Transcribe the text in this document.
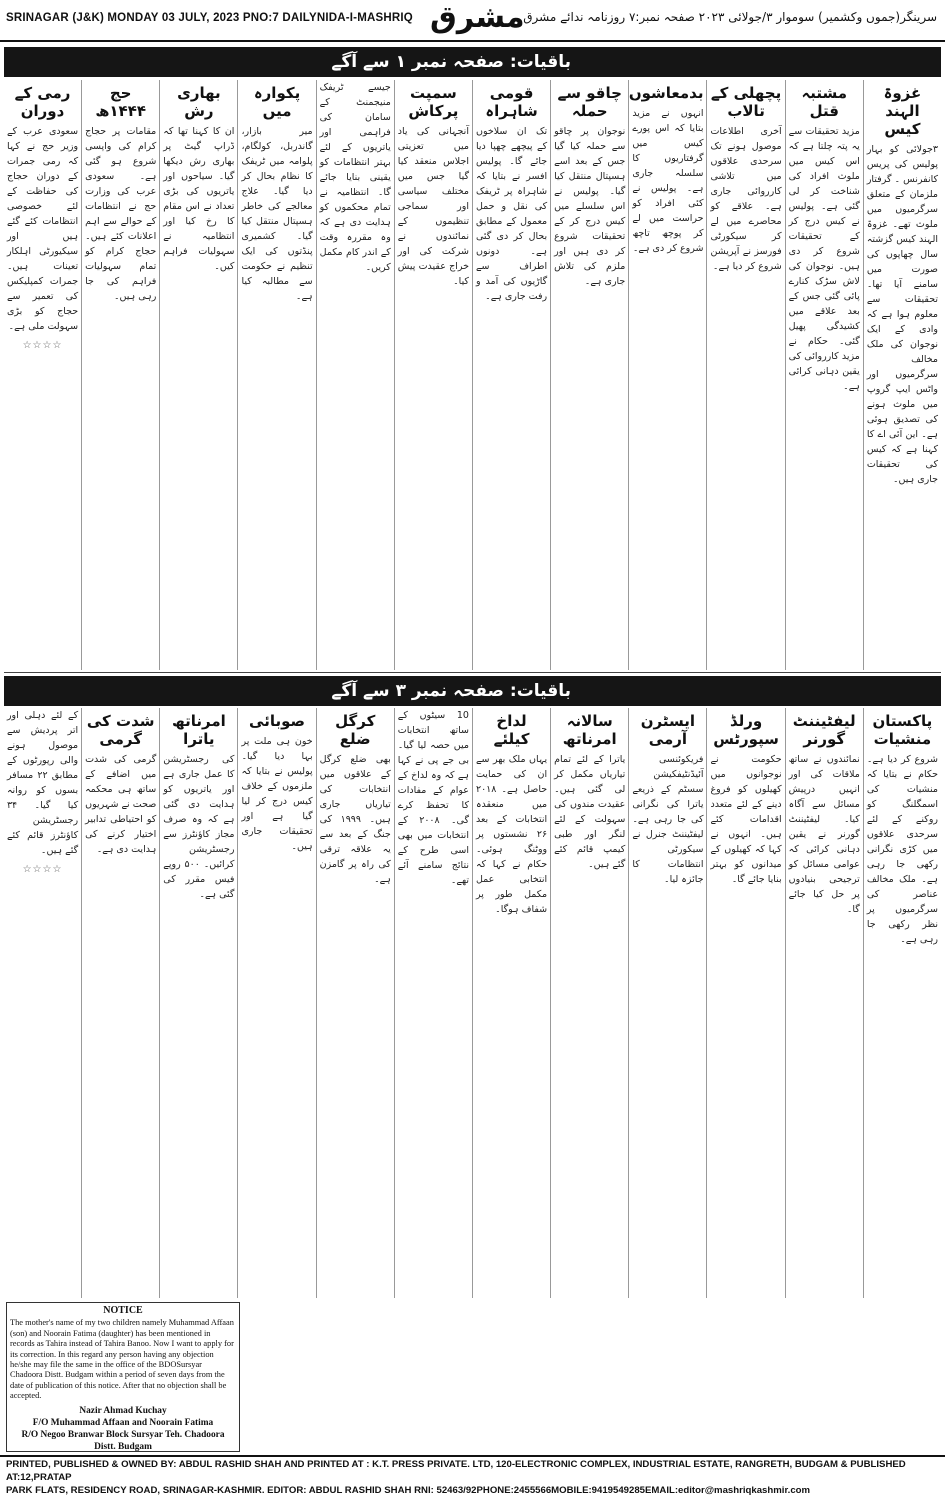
SRINAGAR (J&K) MONDAY 03 JULY, 2023 PNO:7 DAILYNIDA-I-MASHRIQ مشرق
سرینگر(جموں وکشمیر) سوموار ۳/جولائی ۲۰۲۳ صفحہ نمبر:۷ روزنامہ ندائے مشرق
باقیات: صفحہ نمبر ۱ سے آگے
غزوۃ الہند کیس
۳جولائی کو بہار پولیس کی پریس کانفرنس ۔ گرفتار ملزمان کے متعلق سرگرمیوں میں ملوث تھے۔ غزوۃ الہند کیس گزشتہ سال چھاپوں کی صورت میں سامنے آیا تھا۔ تحقیقات سے معلوم ہوا ہے کہ وادی کے ایک نوجوان کی ملک مخالف سرگرمیوں اور واٹس ایپ گروپ میں ملوث ہونے کی تصدیق ہوئی ہے۔ این آئی اے کا کہنا ہے کہ کیس کی تحقیقات جاری ہیں۔
مشتبہ قتل
مزید تحقیقات سے یہ پتہ چلتا ہے کہ اس کیس میں ملوث افراد کی شناخت کر لی گئی ہے۔ پولیس نے کیس درج کر کے تحقیقات شروع کر دی ہیں۔ نوجوان کی لاش سڑک کنارے پائی گئی جس کے بعد علاقے میں کشیدگی پھیل گئی۔ حکام نے مزید کارروائی کی یقین دہانی کرائی ہے۔
پچھلی کے تالاب
آخری اطلاعات موصول ہونے تک سرحدی علاقوں میں تلاشی کارروائی جاری ہے۔ علاقے کو محاصرے میں لے کر سیکورٹی فورسز نے آپریشن شروع کر دیا ہے۔
بدمعاشوں
انہوں نے مزید بتایا کہ اس پورے کیس میں گرفتاریوں کا سلسلہ جاری ہے۔ پولیس نے کئی افراد کو حراست میں لے کر پوچھ تاچھ شروع کر دی ہے۔
چاقو سے حملہ
نوجوان پر چاقو سے حملہ کیا گیا جس کے بعد اسے ہسپتال منتقل کیا گیا۔ پولیس نے اس سلسلے میں کیس درج کر کے تحقیقات شروع کر دی ہیں اور ملزم کی تلاش جاری ہے۔
قومی شاہراہ
تک ان سلاخوں کے پیچھے چھپا دیا جائے گا۔ پولیس افسر نے بتایا کہ شاہراہ پر ٹریفک کی نقل و حمل معمول کے مطابق بحال کر دی گئی ہے۔ دونوں اطراف سے گاڑیوں کی آمد و رفت جاری ہے۔
سمپت پرکاش
آنجہانی کی یاد میں تعزیتی اجلاس منعقد کیا گیا جس میں مختلف سیاسی اور سماجی تنظیموں کے نمائندوں نے شرکت کی اور خراج عقیدت پیش کیا۔
جیسے ٹریفک منیجمنٹ کے سامان کی فراہمی اور یاتریوں کے لئے بہتر انتظامات کو یقینی بنایا جائے گا۔ انتظامیہ نے تمام محکموں کو ہدایت دی ہے کہ وہ مقررہ وقت کے اندر کام مکمل کریں۔
پکوارہ میں
میر بازار، گاندربل، کولگام، پلوامہ میں ٹریفک کا نظام بحال کر دیا گیا۔ علاج معالجے کی خاطر ہسپتال منتقل کیا گیا۔ کشمیری پنڈتوں کی ایک تنظیم نے حکومت سے مطالبہ کیا ہے۔
بھاری رش
ان کا کہنا تھا کہ ڈراپ گیٹ پر بھاری رش دیکھا گیا۔ سیاحوں اور یاتریوں کی بڑی تعداد نے اس مقام کا رخ کیا اور انتظامیہ نے سہولیات فراہم کیں۔
حج ۱۴۴۴ھ
مقامات پر حجاج کرام کی واپسی شروع ہو گئی ہے۔ سعودی عرب کی وزارت حج نے انتظامات کے حوالے سے اہم اعلانات کئے ہیں۔ حجاج کرام کو تمام سہولیات فراہم کی جا رہی ہیں۔
رمی کے دوران
سعودی عرب کے وزیر حج نے کہا کہ رمی جمرات کے دوران حجاج کی حفاظت کے لئے خصوصی انتظامات کئے گئے ہیں اور سیکیورٹی اہلکار تعینات ہیں۔ جمرات کمپلیکس کی تعمیر سے حجاج کو بڑی سہولت ملی ہے۔
☆☆☆☆
باقیات: صفحہ نمبر ۳ سے آگے
پاکستان منشیات
شروع کر دیا ہے۔ حکام نے بتایا کہ منشیات کی اسمگلنگ کو روکنے کے لئے سرحدی علاقوں میں کڑی نگرانی رکھی جا رہی ہے۔ ملک مخالف عناصر کی سرگرمیوں پر نظر رکھی جا رہی ہے۔
لیفٹیننٹ گورنر
نمائندوں نے ساتھ ملاقات کی اور انہیں درپیش مسائل سے آگاہ کیا۔ لیفٹیننٹ گورنر نے یقین دہانی کرائی کہ عوامی مسائل کو ترجیحی بنیادوں پر حل کیا جائے گا۔
ورلڈ سپورٹس
حکومت نے نوجوانوں میں کھیلوں کو فروغ دینے کے لئے متعدد اقدامات کئے ہیں۔ انہوں نے کہا کہ کھیلوں کے میدانوں کو بہتر بنایا جائے گا۔
ایسٹرن آرمی
فریکوئنسی آئیڈنٹیفکیشن سسٹم کے ذریعے یاترا کی نگرانی کی جا رہی ہے۔ لیفٹیننٹ جنرل نے سیکورٹی انتظامات کا جائزہ لیا۔
سالانہ امرناتھ
یاترا کے لئے تمام تیاریاں مکمل کر لی گئی ہیں۔ عقیدت مندوں کی سہولت کے لئے لنگر اور طبی کیمپ قائم کئے گئے ہیں۔
لداخ کیلئے
یہاں ملک بھر سے ان کی حمایت حاصل ہے۔ ۲۰۱۸ میں منعقدہ انتخابات کے بعد ۲۶ نشستوں پر ووٹنگ ہوئی۔ حکام نے کہا کہ انتخابی عمل مکمل طور پر شفاف ہوگا۔
10 سیٹوں کے ساتھ انتخابات میں حصہ لیا گیا۔ بی جے پی نے کہا ہے کہ وہ لداخ کے عوام کے مفادات کا تحفظ کرے گی۔ ۲۰۰۸ کے انتخابات میں بھی اسی طرح کے نتائج سامنے آئے تھے۔
کرگل ضلع
بھی ضلع کرگل کے علاقوں میں انتخابات کی تیاریاں جاری ہیں۔ ۱۹۹۹ کی جنگ کے بعد سے یہ علاقہ ترقی کی راہ پر گامزن ہے۔
صوبائی
خون ہی ملت پر بہا دیا گیا۔ پولیس نے بتایا کہ ملزموں کے خلاف کیس درج کر لیا گیا ہے اور تحقیقات جاری ہیں۔
امرناتھ یاترا
کی رجسٹریشن کا عمل جاری ہے اور یاتریوں کو ہدایت دی گئی ہے کہ وہ صرف مجاز کاؤنٹرز سے رجسٹریشن کرائیں۔ ۵۰۰ روپے فیس مقرر کی گئی ہے۔
شدت کی گرمی
گرمی کی شدت میں اضافے کے ساتھ ہی محکمہ صحت نے شہریوں کو احتیاطی تدابیر اختیار کرنے کی ہدایت دی ہے۔
کے لئے دہلی اور اتر پردیش سے موصول ہونے والی رپورٹوں کے مطابق ۲۲ مسافر بسوں کو روانہ کیا گیا۔ ۳۴ رجسٹریشن کاؤنٹرز قائم کئے گئے ہیں۔
☆☆☆☆
NOTICE
The mother's name of my two children namely Muhammad Affaan (son) and Noorain Fatima (daughter) has been mentioned in records as Tahira instead of Tahira Banoo. Now I want to apply for its correction. In this regard any person having any objection he/she may file the same in the office of the BDOSursyar Chadoora Distt. Budgam within a period of seven days from the date of publication of this notice. After that no objection shall be accepted.
Nazir Ahmad Kuchay
F/O Muhammad Affaan and Noorain Fatima
R/O Negoo Branwar Block Sursyar Teh. Chadoora Distt. Budgam
PRINTED, PUBLISHED & OWNED BY: ABDUL RASHID SHAH AND PRINTED AT : K.T. PRESS PRIVATE. LTD, 120-ELECTRONIC COMPLEX, INDUSTRIAL ESTATE, RANGRETH, BUDGAM & PUBLISHED AT:12,PRATAP
PARK FLATS, RESIDENCY ROAD, SRINAGAR-KASHMIR. EDITOR: ABDUL RASHID SHAH RNI: 52463/92PHONE:2455566MOBILE:9419549285EMAIL:editor@mashriqkashmir.com
